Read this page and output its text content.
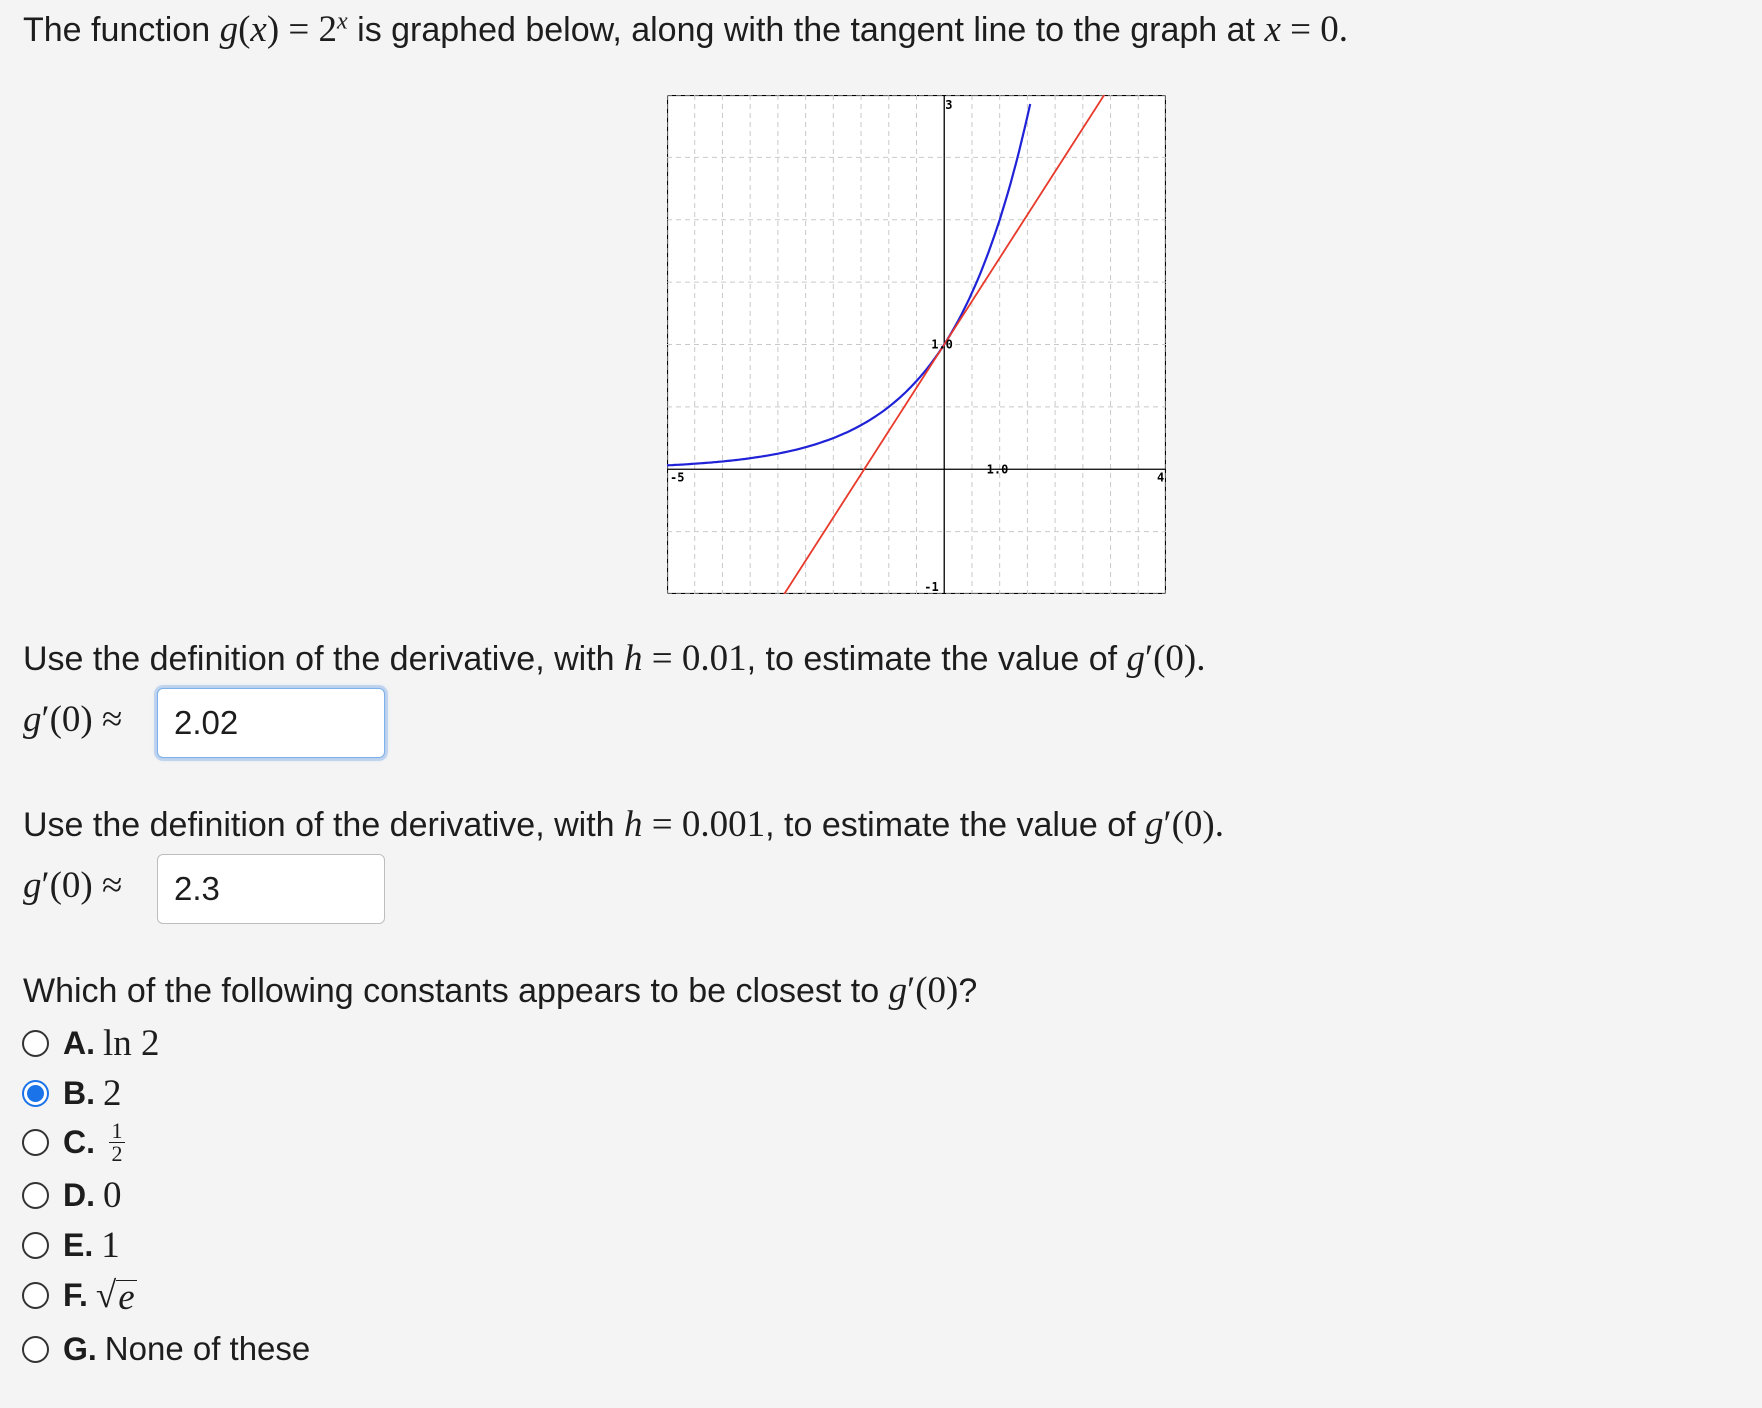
The function $g(x) = 2^x$ is graphed below, along with the tangent line to the graph at x = 0.
3
-1
-5	4
1.0
1.0
Use the definition of the derivative, with h = 0.01, to estimate the value of g′(0).
g′(0) ≈
2.02
Use the definition of the derivative, with h = 0.001, to estimate the value of g′(0).
g′(0) ≈
2.3
Which of the following constants appears to be closest to g′(0)?
A. ln 2
B. 2
C. $\frac{1}{2}$
D. 0
E. 1
F. √ e
G. None of these
